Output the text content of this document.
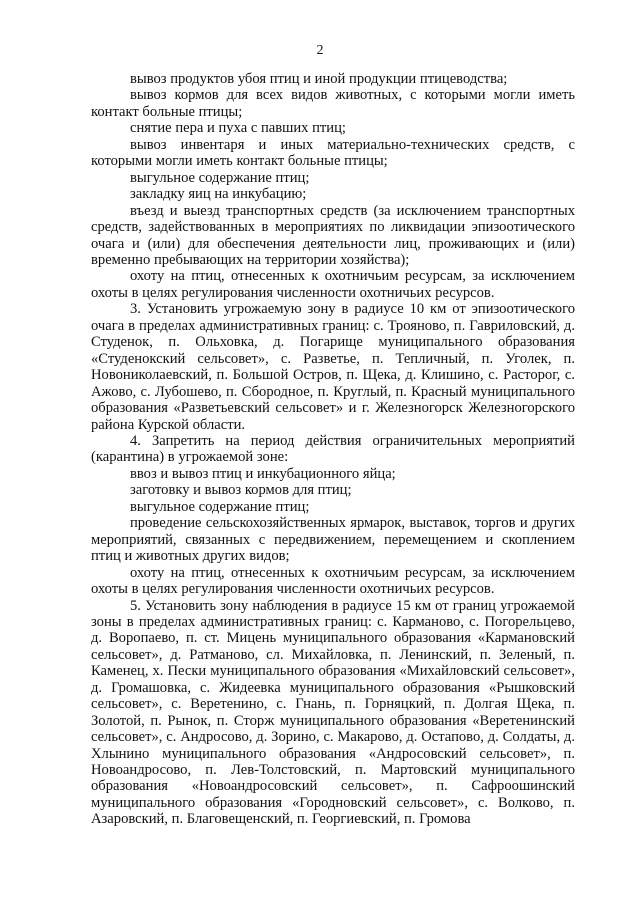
2

вывоз продуктов убоя птиц и иной продукции птицеводства;

вывоз кормов для всех видов животных, с которыми могли иметь контакт больные птицы;

снятие пера и пуха с павших птиц;

вывоз инвентаря и иных материально-технических средств, с которыми могли иметь контакт больные птицы;

выгульное содержание птиц;

закладку яиц на инкубацию;

въезд и выезд транспортных средств (за исключением транспортных средств, задействованных в мероприятиях по ликвидации эпизоотического очага и (или) для обеспечения деятельности лиц, проживающих и (или) временно пребывающих на территории хозяйства);

охоту на птиц, отнесенных к охотничьим ресурсам, за исключением охоты в целях регулирования численности охотничьих ресурсов.

3. Установить угрожаемую зону в радиусе 10 км от эпизоотического очага в пределах административных границ: с. Трояново, п. Гавриловский, д. Студенок, п. Ольховка, д. Погарище муниципального образования «Студенокский сельсовет», с. Разветье, п. Тепличный, п. Уголек, п. Новониколаевский, п. Большой Остров, п. Щека, д. Клишино, с. Расторог, с. Ажово, с. Лубошево, п. Сбородное, п. Круглый, п. Красный муниципального образования «Разветьевский сельсовет» и г. Железногорск Железногорского района Курской области.

4. Запретить на период действия ограничительных мероприятий (карантина) в угрожаемой зоне:

ввоз и вывоз птиц и инкубационного яйца;

заготовку и вывоз кормов для птиц;

выгульное содержание птиц;

проведение сельскохозяйственных ярмарок, выставок, торгов и других мероприятий, связанных с передвижением, перемещением и скоплением птиц и животных других видов;

охоту на птиц, отнесенных к охотничьим ресурсам, за исключением охоты в целях регулирования численности охотничьих ресурсов.

5. Установить зону наблюдения в радиусе 15 км от границ угрожаемой зоны в пределах административных границ: с. Карманово, с. Погорельцево, д. Воропаево, п. ст. Мицень муниципального образования «Кармановский сельсовет», д. Ратманово, сл. Михайловка, п. Ленинский, п. Зеленый, п. Каменец, х. Пески муниципального образования «Михайловский сельсовет», д. Громашовка, с. Жидеевка муниципального образования «Рышковский сельсовет», с. Веретенино, с. Гнань, п. Горняцкий, п. Долгая Щека, п. Золотой, п. Рынок, п. Сторж муниципального образования «Веретенинский сельсовет», с. Андросово, д. Зорино, с. Макарово, д. Остапово, д. Солдаты, д. Хлынино муниципального образования «Андросовский сельсовет», п. Новоандросово, п. Лев-Толстовский, п. Мартовский муниципального образования «Новоандросовский сельсовет», п. Сафроошинский муниципального образования «Городновский сельсовет», с. Волково, п. Азаровский, п. Благовещенский, п. Георгиевский, п. Громова
